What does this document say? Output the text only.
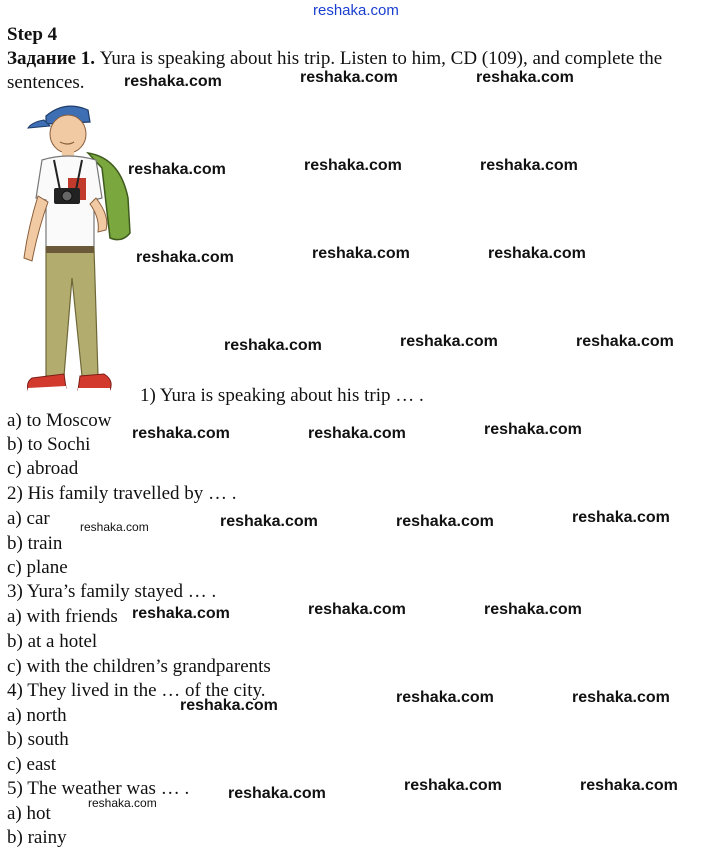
reshaka.com
Step 4
Задание 1. Yura is speaking about his trip. Listen to him, CD (109), and complete the sentences.
1) Yura is speaking about his trip … .
a) to Moscow
b) to Sochi
c) abroad
2) His family travelled by … .
a) car
b) train
c) plane
3) Yura’s family stayed … .
a) with friends
b) at a hotel
c) with the children’s grandparents
4) They lived in the … of the city.
a) north
b) south
c) east
5) The weather was … .
a) hot
b) rainy
reshaka.com	reshaka.com	reshaka.com
reshaka.com	reshaka.com	reshaka.com
reshaka.com	reshaka.com	reshaka.com
reshaka.com	reshaka.com	reshaka.com
reshaka.com	reshaka.com	reshaka.com
reshaka.com	reshaka.com	reshaka.com	reshaka.com
reshaka.com	reshaka.com	reshaka.com
reshaka.com	reshaka.com	reshaka.com
reshaka.com
reshaka.com	reshaka.com	reshaka.com
